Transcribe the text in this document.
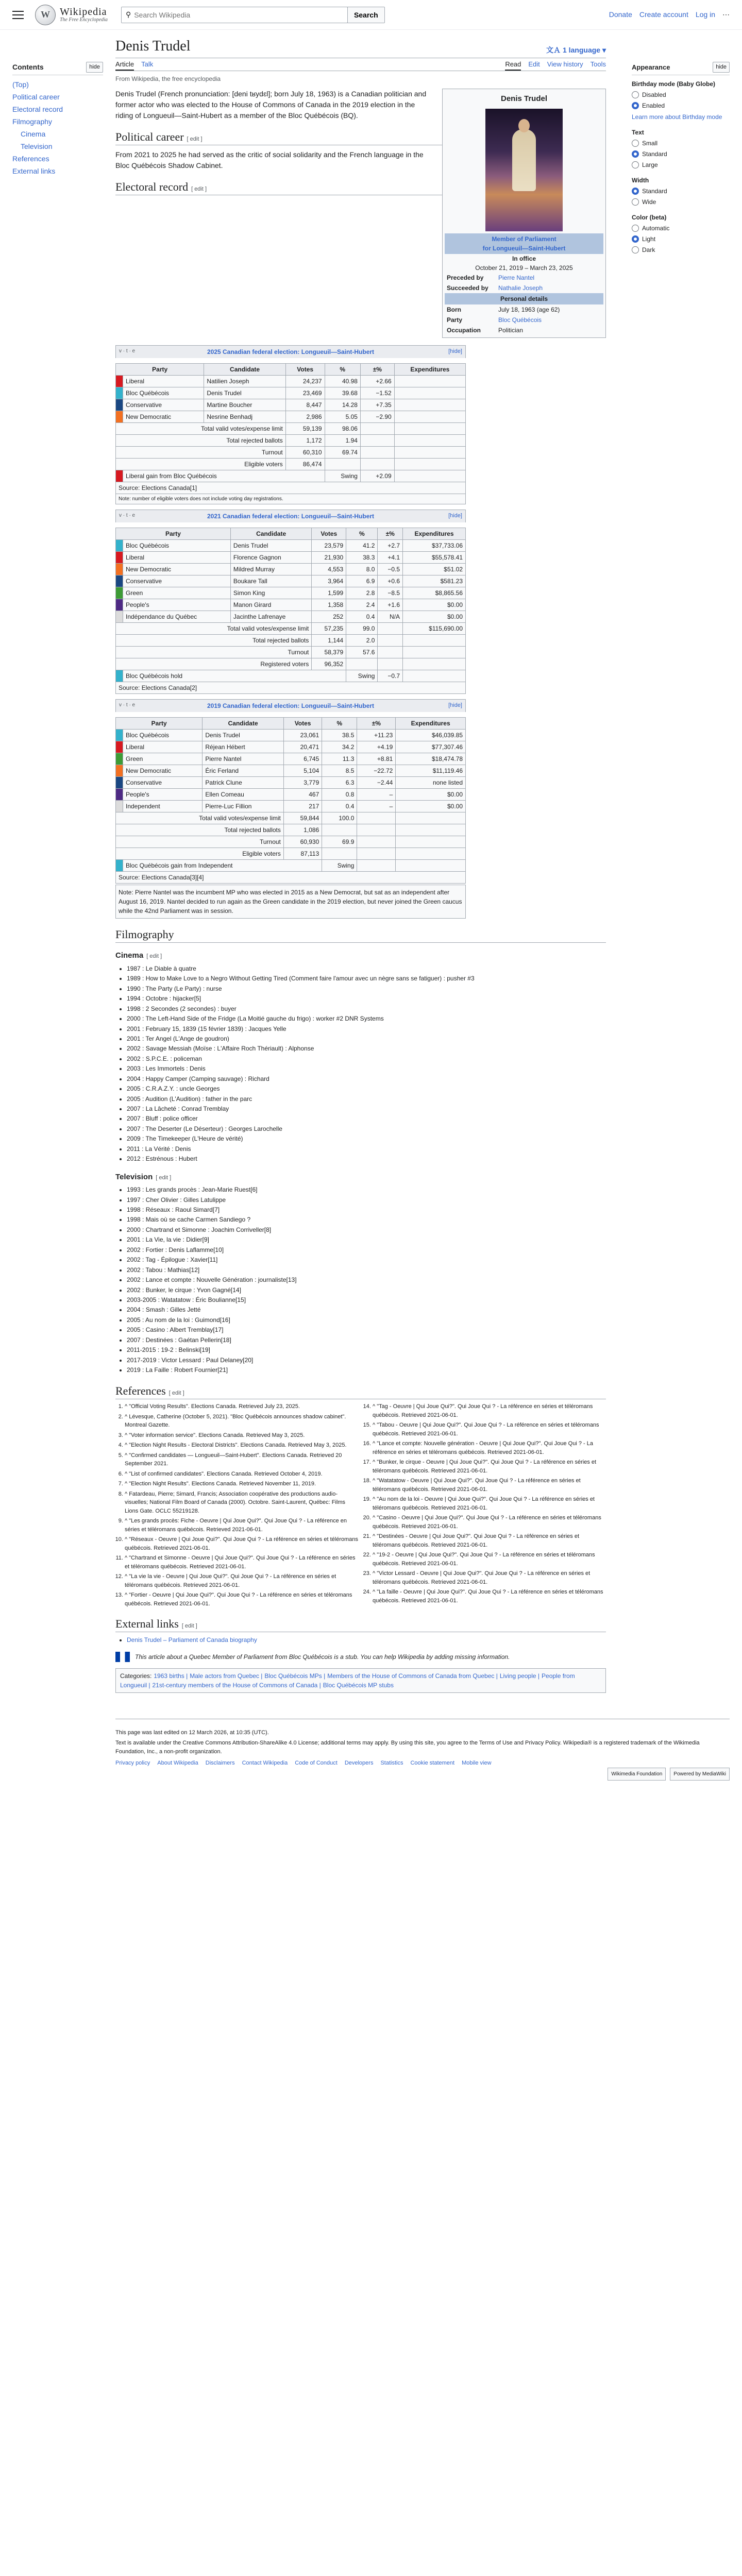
W Wikipedia
The Free Encyclopedia
⚲
Search Wikipedia	Search	Donate Create account Log in ⋯
Contents	hide
(Top)
Political career
Electoral record
Filmography
Cinema
Television
References
External links
Denis Trudel	文Ａ 1 language ▾
Article Talk	Read Edit View history Tools
From Wikipedia, the free encyclopedia
Denis Trudel
Member of Parliament
for Longueuil—Saint-Hubert
In office
October 21, 2019 – March 23, 2025
Preceded by	Pierre Nantel
Succeeded by	Nathalie Joseph
Personal details
Born	July 18, 1963 (age 62)
Party	Bloc Québécois
Occupation	Politician

Denis Trudel (French pronunciation: [deni tʁydɛl]; born July 18, 1963) is a Canadian politician and former actor who was elected to the House of Commons of Canada in the 2019 election in the riding of Longueuil—Saint-Hubert as a member of the Bloc Québécois (BQ).

Political career [ edit ]

From 2021 to 2025 he had served as the critic of social solidarity and the French language in the Bloc Québécois Shadow Cabinet.

Electoral record [ edit ]
v · t · e	2025 Canadian federal election: Longueuil—Saint-Hubert	[hide]
Party		Candidate	Votes	%	±%	Expenditures
	Liberal	Natilien Joseph	24,237	40.98	+2.66	
	Bloc Québécois	Denis Trudel	23,469	39.68	−1.52	
	Conservative	Martine Boucher	8,447	14.28	+7.35	
	New Democratic	Nesrine Benhadj	2,986	5.05	−2.90	
Total valid votes/expense limit			59,139	98.06		
Total rejected ballots			1,172	1.94		
Turnout			60,310	69.74		
Eligible voters			86,474			
	Liberal gain from Bloc Québécois			Swing	+2.09	
Source: Elections Canada[1]						
Note: number of eligible voters does not include voting day registrations.						
v · t · e	2021 Canadian federal election: Longueuil—Saint-Hubert	[hide]
Party		Candidate	Votes	%	±%	Expenditures
	Bloc Québécois	Denis Trudel	23,579	41.2	+2.7	$37,733.06
	Liberal	Florence Gagnon	21,930	38.3	+4.1	$55,578.41
	New Democratic	Mildred Murray	4,553	8.0	−0.5	$51.02
	Conservative	Boukare Tall	3,964	6.9	+0.6	$581.23
	Green	Simon King	1,599	2.8	−8.5	$8,865.56
	People's	Manon Girard	1,358	2.4	+1.6	$0.00
	Indépendance du Québec	Jacinthe Lafrenaye	252	0.4	N/A	$0.00
Total valid votes/expense limit			57,235	99.0		$115,690.00
Total rejected ballots			1,144	2.0		
Turnout			58,379	57.6		
Registered voters			96,352			
	Bloc Québécois hold			Swing	−0.7	
Source: Elections Canada[2]						
v · t · e	2019 Canadian federal election: Longueuil—Saint-Hubert	[hide]
Party		Candidate	Votes	%	±%	Expenditures
	Bloc Québécois	Denis Trudel	23,061	38.5	+11.23	$46,039.85
	Liberal	Réjean Hébert	20,471	34.2	+4.19	$77,307.46
	Green	Pierre Nantel	6,745	11.3	+8.81	$18,474.78
	New Democratic	Éric Ferland	5,104	8.5	−22.72	$11,119.46
	Conservative	Patrick Clune	3,779	6.3	−2.44	none listed
	People's	Ellen Comeau	467	0.8	–	$0.00
	Independent	Pierre-Luc Fillion	217	0.4	–	$0.00
Total valid votes/expense limit			59,844	100.0		
Total rejected ballots			1,086			
Turnout			60,930	69.9		
Eligible voters			87,113			
	Bloc Québécois gain from Independent			Swing		
Source: Elections Canada[3][4]						
Note: Pierre Nantel was the incumbent MP who was elected in 2015 as a New Democrat, but sat as an independent after August 16, 2019. Nantel decided to run again as the Green candidate in the 2019 election, but never joined the Green caucus while the 42nd Parliament was in session.
Filmography
Cinema [ edit ]
• 1987 : Le Diable à quatre
• 1989 : How to Make Love to a Negro Without Getting Tired (Comment faire l'amour avec un nègre sans se fatiguer) : pusher #3
• 1990 : The Party (Le Party) : nurse
• 1994 : Octobre : hijacker[5]
• 1998 : 2 Secondes (2 secondes) : buyer
• 2000 : The Left-Hand Side of the Fridge (La Moitié gauche du frigo) : worker #2 DNR Systems
• 2001 : February 15, 1839 (15 février 1839) : Jacques Yelle
• 2001 : Ter Angel (L'Ange de goudron)
• 2002 : Savage Messiah (Moïse : L'Affaire Roch Thériault) : Alphonse
• 2002 : S.P.C.E. : policeman
• 2003 : Les Immortels : Denis
• 2004 : Happy Camper (Camping sauvage) : Richard
• 2005 : C.R.A.Z.Y. : uncle Georges
• 2005 : Audition (L'Audition) : father in the parc
• 2007 : La Lâcheté : Conrad Tremblay
• 2007 : Bluff : police officer
• 2007 : The Deserter (Le Déserteur) : Georges Larochelle
• 2009 : The Timekeeper (L'Heure de vérité)
• 2011 : La Vérité : Denis
• 2012 : Estrénous : Hubert
Television [ edit ]
• 1993 : Les grands procès : Jean-Marie Ruest[6]
• 1997 : Cher Olivier : Gilles Latulippe
• 1998 : Réseaux : Raoul Simard[7]
• 1998 : Mais où se cache Carmen Sandiego ?
• 2000 : Chartrand et Simonne : Joachim Corriveller[8]
• 2001 : La Vie, la vie : Didier[9]
• 2002 : Fortier : Denis Laflamme[10]
• 2002 : Tag - Épilogue : Xavier[11]
• 2002 : Tabou : Mathias[12]
• 2002 : Lance et compte : Nouvelle Génération : journaliste[13]
• 2002 : Bunker, le cirque : Yvon Gagné[14]
• 2003-2005 : Watatatow : Éric Boulianne[15]
• 2004 : Smash : Gilles Jetté
• 2005 : Au nom de la loi : Guimond[16]
• 2005 : Casino : Albert Tremblay[17]
• 2007 : Destinées : Gaétan Pellerin[18]
• 2011-2015 : 19-2 : Belinski[19]
• 2017-2019 : Victor Lessard : Paul Delaney[20]
• 2019 : La Faille : Robert Fournier[21]
References [ edit ]
1. ^ "Official Voting Results". Elections Canada. Retrieved July 23, 2025.
2. ^ Lévesque, Catherine (October 5, 2021). "Bloc Québécois announces shadow cabinet". Montreal Gazette.
3. ^ "Voter information service". Elections Canada. Retrieved May 3, 2025.
4. ^ "Election Night Results - Electoral Districts". Elections Canada. Retrieved May 3, 2025.
5. ^ "Confirmed candidates — Longueuil—Saint-Hubert". Elections Canada. Retrieved 20 September 2021.
6. ^ "List of confirmed candidates". Elections Canada. Retrieved October 4, 2019.
7. ^ "Election Night Results". Elections Canada. Retrieved November 11, 2019.
8. ^ Fatardeau, Pierre; Simard, Francis; Association coopérative des productions audio-visuelles; National Film Board of Canada (2000). Octobre. Saint-Laurent, Québec: Films Lions Gate. OCLC 55219128.
9. ^ "Les grands procès: Fiche - Oeuvre | Qui Joue Qui?". Qui Joue Qui ? - La référence en séries et téléromans québécois. Retrieved 2021-06-01.
10. ^ "Réseaux - Oeuvre | Qui Joue Qui?". Qui Joue Qui ? - La référence en séries et téléromans québécois. Retrieved 2021-06-01.
11. ^ "Chartrand et Simonne - Oeuvre | Qui Joue Qui?". Qui Joue Qui ? - La référence en séries et téléromans québécois. Retrieved 2021-06-01.
12. ^ "La vie la vie - Oeuvre | Qui Joue Qui?". Qui Joue Qui ? - La référence en séries et téléromans québécois. Retrieved 2021-06-01.
13. ^ "Fortier - Oeuvre | Qui Joue Qui?". Qui Joue Qui ? - La référence en séries et téléromans québécois. Retrieved 2021-06-01.
14. ^ "Tag - Oeuvre | Qui Joue Qui?". Qui Joue Qui ? - La référence en séries et téléromans québécois. Retrieved 2021-06-01.
15. ^ "Tabou - Oeuvre | Qui Joue Qui?". Qui Joue Qui ? - La référence en séries et téléromans québécois. Retrieved 2021-06-01.
16. ^ "Lance et compte: Nouvelle génération - Oeuvre | Qui Joue Qui?". Qui Joue Qui ? - La référence en séries et téléromans québécois. Retrieved 2021-06-01.
17. ^ "Bunker, le cirque - Oeuvre | Qui Joue Qui?". Qui Joue Qui ? - La référence en séries et téléromans québécois. Retrieved 2021-06-01.
18. ^ "Watatatow - Oeuvre | Qui Joue Qui?". Qui Joue Qui ? - La référence en séries et téléromans québécois. Retrieved 2021-06-01.
19. ^ "Au nom de la loi - Oeuvre | Qui Joue Qui?". Qui Joue Qui ? - La référence en séries et téléromans québécois. Retrieved 2021-06-01.
20. ^ "Casino - Oeuvre | Qui Joue Qui?". Qui Joue Qui ? - La référence en séries et téléromans québécois. Retrieved 2021-06-01.
21. ^ "Destinées - Oeuvre | Qui Joue Qui?". Qui Joue Qui ? - La référence en séries et téléromans québécois. Retrieved 2021-06-01.
22. ^ "19-2 - Oeuvre | Qui Joue Qui?". Qui Joue Qui ? - La référence en séries et téléromans québécois. Retrieved 2021-06-01.
23. ^ "Victor Lessard - Oeuvre | Qui Joue Qui?". Qui Joue Qui ? - La référence en séries et téléromans québécois. Retrieved 2021-06-01.
24. ^ "La faille - Oeuvre | Qui Joue Qui?". Qui Joue Qui ? - La référence en séries et téléromans québécois. Retrieved 2021-06-01.
External links [ edit ]
• Denis Trudel – Parliament of Canada biography
This article about a Quebec Member of Parliament from Bloc Québécois is a stub. You can help Wikipedia by adding missing information.
Categories: 1963 births | Male actors from Quebec | Bloc Québécois MPs | Members of the House of Commons of Canada from Quebec | Living people | People from Longueuil | 21st-century members of the House of Commons of Canada | Bloc Québécois MP stubs
Appearance	hide
Birthday mode (Baby Globe)
Disabled
Enabled
Learn more about Birthday mode
Text
Small
Standard
Large
Width
Standard
Wide
Color (beta)
Automatic
Light
Dark

This page was last edited on 12 March 2026, at 10:35 (UTC).

Text is available under the Creative Commons Attribution-ShareAlike 4.0 License; additional terms may apply. By using this site, you agree to the Terms of Use and Privacy Policy. Wikipedia® is a registered trademark of the Wikimedia Foundation, Inc., a non-profit organization.

Privacy policy About Wikipedia Disclaimers Contact Wikipedia Code of Conduct Developers Statistics Cookie statement Mobile view
Wikimedia Foundation	Powered by MediaWiki
